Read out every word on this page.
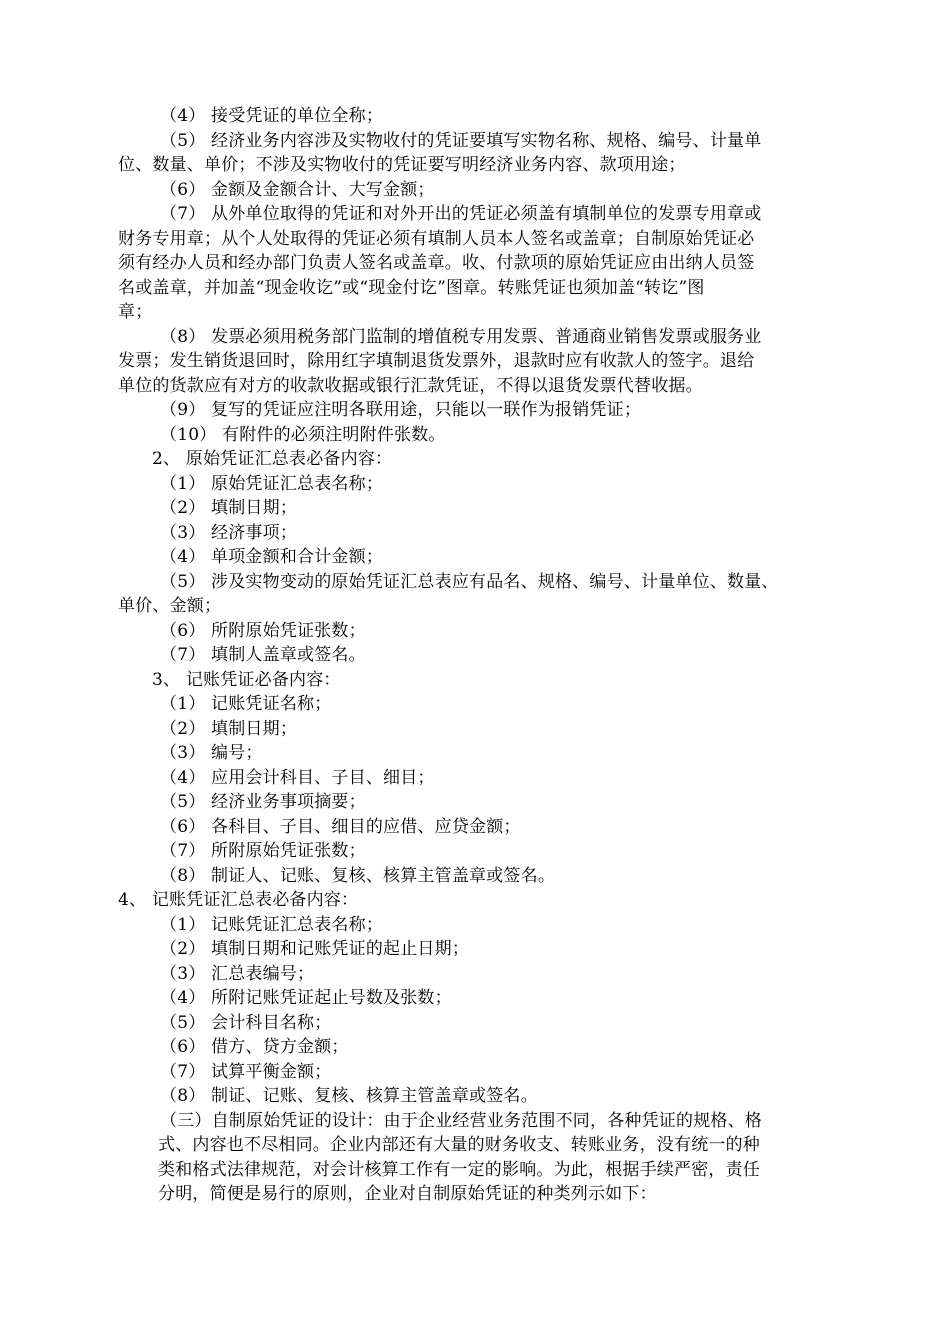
（4） 接受凭证的单位全称；
（5） 经济业务内容涉及实物收付的凭证要填写实物名称、规格、编号、计量单
位、数量、单价；不涉及实物收付的凭证要写明经济业务内容、款项用途；
（6） 金额及金额合计、大写金额；
（7） 从外单位取得的凭证和对外开出的凭证必须盖有填制单位的发票专用章或
财务专用章；从个人处取得的凭证必须有填制人员本人签名或盖章；自制原始凭证必
须有经办人员和经办部门负责人签名或盖章。收、付款项的原始凭证应由出纳人员签
名或盖章，并加盖“现金收讫”或“现金付讫”图章。转账凭证也须加盖“转讫”图
章；
（8） 发票必须用税务部门监制的增值税专用发票、普通商业销售发票或服务业
发票；发生销货退回时，除用红字填制退货发票外，退款时应有收款人的签字。退给
单位的货款应有对方的收款收据或银行汇款凭证，不得以退货发票代替收据。
（9） 复写的凭证应注明各联用途，只能以一联作为报销凭证；
（10） 有附件的必须注明附件张数。
2、 原始凭证汇总表必备内容：
（1） 原始凭证汇总表名称；
（2） 填制日期；
（3） 经济事项；
（4） 单项金额和合计金额；
（5） 涉及实物变动的原始凭证汇总表应有品名、规格、编号、计量单位、数量、
单价、金额；
（6） 所附原始凭证张数；
（7） 填制人盖章或签名。
3、 记账凭证必备内容：
（1） 记账凭证名称；
（2） 填制日期；
（3） 编号；
（4） 应用会计科目、子目、细目；
（5） 经济业务事项摘要；
（6） 各科目、子目、细目的应借、应贷金额；
（7） 所附原始凭证张数；
（8） 制证人、记账、复核、核算主管盖章或签名。
4、 记账凭证汇总表必备内容：
（1） 记账凭证汇总表名称；
（2） 填制日期和记账凭证的起止日期；
（3） 汇总表编号；
（4） 所附记账凭证起止号数及张数；
（5） 会计科目名称；
（6） 借方、贷方金额；
（7） 试算平衡金额；
（8） 制证、记账、复核、核算主管盖章或签名。
（三）自制原始凭证的设计：由于企业经营业务范围不同，各种凭证的规格、格
式、内容也不尽相同。企业内部还有大量的财务收支、转账业务，没有统一的种
类和格式法律规范，对会计核算工作有一定的影响。为此，根据手续严密，责任
分明，简便是易行的原则，企业对自制原始凭证的种类列示如下：
